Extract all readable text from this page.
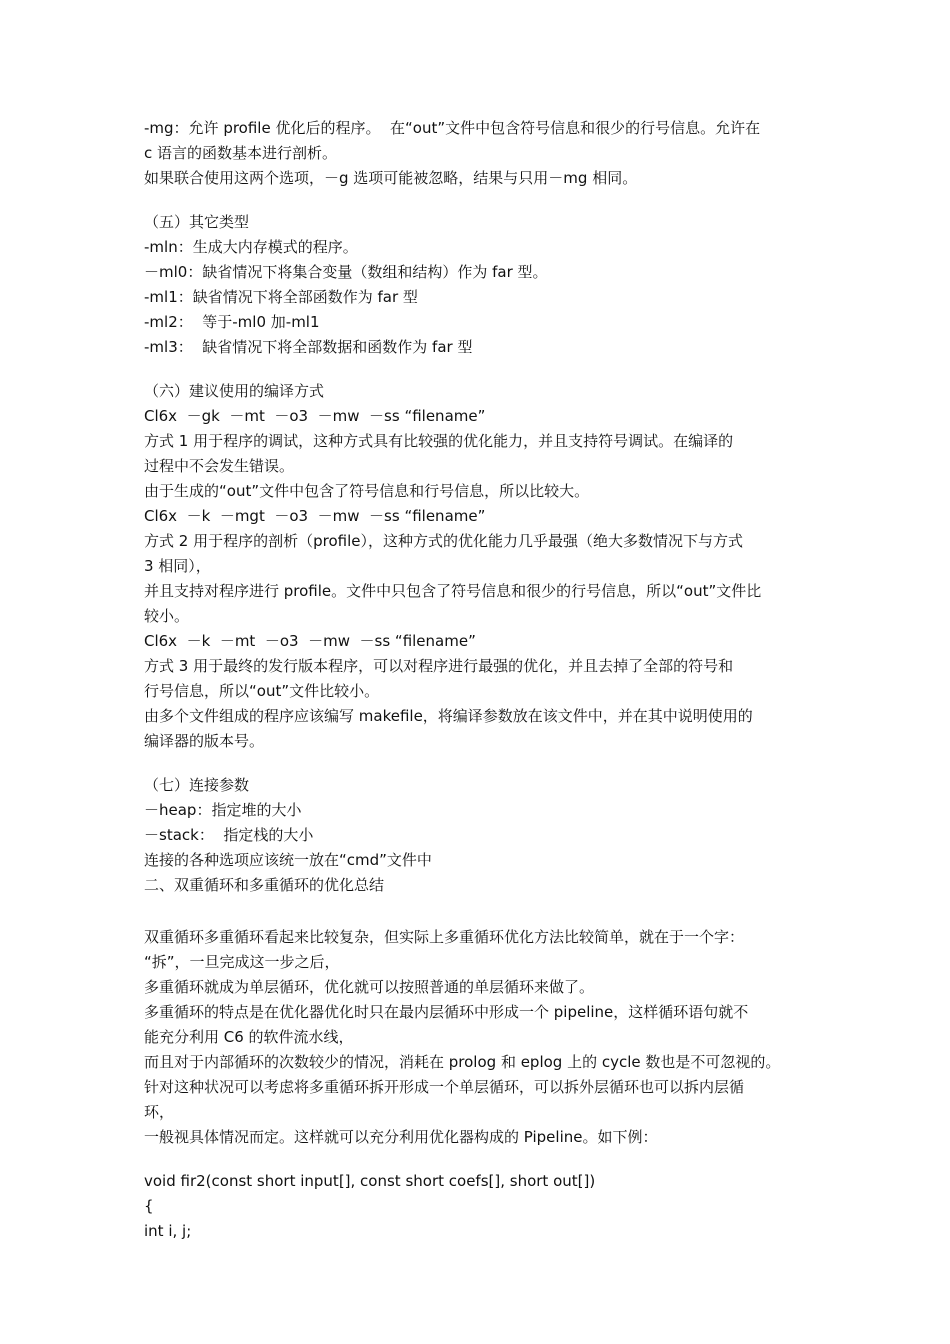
-mg：允许 profile 优化后的程序。  在“out”文件中包含符号信息和很少的行号信息。允许在
c 语言的函数基本进行剖析。
如果联合使用这两个选项，－g 选项可能被忽略，结果与只用－mg 相同。
（五）其它类型
-mln：生成大内存模式的程序。
－ml0：缺省情况下将集合变量（数组和结构）作为 far 型。
-ml1：缺省情况下将全部函数作为 far 型
-ml2：  等于-ml0 加-ml1
-ml3：  缺省情况下将全部数据和函数作为 far 型
（六）建议使用的编译方式
Cl6x  －gk  －mt  －o3  －mw  －ss “filename”
方式 1 用于程序的调试，这种方式具有比较强的优化能力，并且支持符号调试。在编译的
过程中不会发生错误。
由于生成的“out”文件中包含了符号信息和行号信息，所以比较大。
Cl6x  －k  －mgt  －o3  －mw  －ss “filename”
方式 2 用于程序的剖析（profile），这种方式的优化能力几乎最强（绝大多数情况下与方式
3 相同），
并且支持对程序进行 profile。文件中只包含了符号信息和很少的行号信息，所以“out”文件比
较小。
Cl6x  －k  －mt  －o3  －mw  －ss “filename”
方式 3 用于最终的发行版本程序，可以对程序进行最强的优化，并且去掉了全部的符号和
行号信息，所以“out”文件比较小。
由多个文件组成的程序应该编写 makefile，将编译参数放在该文件中，并在其中说明使用的
编译器的版本号。
（七）连接参数
－heap：指定堆的大小
－stack：  指定栈的大小
连接的各种选项应该统一放在“cmd”文件中
二、双重循环和多重循环的优化总结
双重循环多重循环看起来比较复杂，但实际上多重循环优化方法比较简单，就在于一个字：
“拆”，一旦完成这一步之后，
多重循环就成为单层循环，优化就可以按照普通的单层循环来做了。
多重循环的特点是在优化器优化时只在最内层循环中形成一个 pipeline，这样循环语句就不
能充分利用 C6 的软件流水线，
而且对于内部循环的次数较少的情况，消耗在 prolog 和 eplog 上的 cycle 数也是不可忽视的。
针对这种状况可以考虑将多重循环拆开形成一个单层循环，可以拆外层循环也可以拆内层循
环，
一般视具体情况而定。这样就可以充分利用优化器构成的 Pipeline。如下例：
void fir2(const short input[], const short coefs[], short out[])
{
int i, j;
